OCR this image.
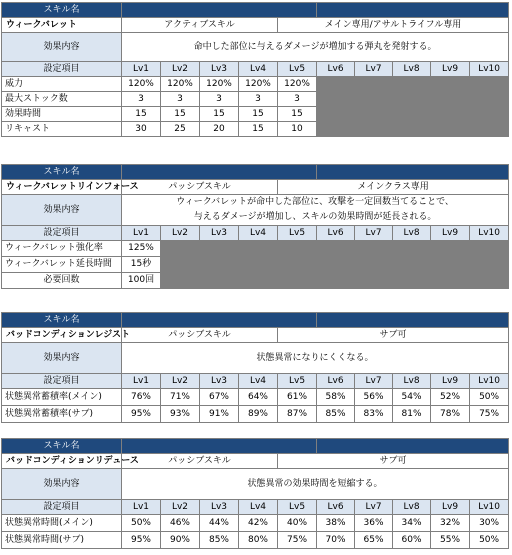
スキル名										
ウィークバレット	アクティブスキル				メイン専用/アサルトライフル専用					
効果内容	命中した部位に与えるダメージが増加する弾丸を発射する。									
設定項目	Lv1	Lv2	Lv3	Lv4	Lv5	Lv6	Lv7	Lv8	Lv9	Lv10
威力	120%	120%	120%	120%	120%					
最大ストック数	3	3	3	3	3					
効果時間	15	15	15	15	15					
リキャスト	30	25	20	15	10					
スキル名										
ウィークバレットリインフォース	パッシブスキル				メインクラス専用					
効果内容	ウィークバレットが命中した部位に、攻撃を一定回数当てることで、
与えるダメージが増加し、スキルの効果時間が延長される。									

設定項目	Lv1	Lv2	Lv3	Lv4	Lv5	Lv6	Lv7	Lv8	Lv9	Lv10
ウィークバレット強化率	125%									
ウィークバレット延長時間	15秒									
必要回数	100回									
スキル名										
バッドコンディションレジスト	パッシブスキル				サブ可					
効果内容	状態異常になりにくくなる。									
設定項目	Lv1	Lv2	Lv3	Lv4	Lv5	Lv6	Lv7	Lv8	Lv9	Lv10
状態異常蓄積率(メイン)	76%	71%	67%	64%	61%	58%	56%	54%	52%	50%
状態異常蓄積率(サブ)	95%	93%	91%	89%	87%	85%	83%	81%	78%	75%
スキル名										
バッドコンディションリデュース	パッシブスキル				サブ可					
効果内容	状態異常の効果時間を短縮する。									
設定項目	Lv1	Lv2	Lv3	Lv4	Lv5	Lv6	Lv7	Lv8	Lv9	Lv10
状態異常時間(メイン)	50%	46%	44%	42%	40%	38%	36%	34%	32%	30%
状態異常時間(サブ)	95%	90%	85%	80%	75%	70%	65%	60%	55%	50%
